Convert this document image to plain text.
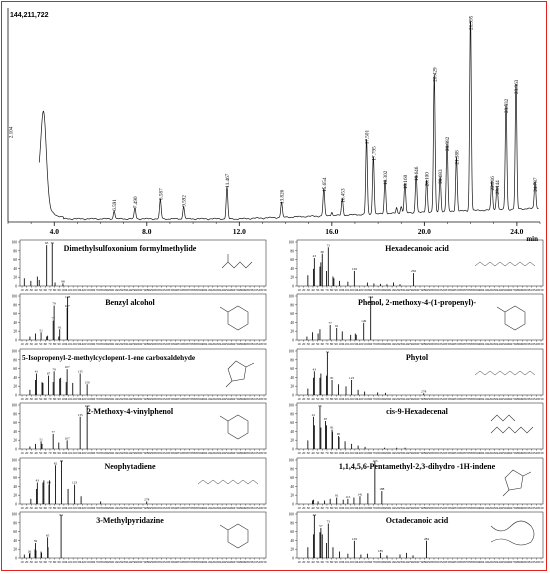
144,211,722
4.0	8.0	12.0	16.0	20.0	24.0
min
2.104
6.591	7.490
8.587
9.592
11.467
13.826
15.654
16.453
17.501
17.795
18.302	19.160
19.646 20.100
20.429
20.683
20.982
21.388
21.995
22.916 23.144
23.532
23.963
24.787
0
20
40
60
80
100
10 20 30 40 50 60 70 80 90 100 110 120 130 140 150 160 170 180 190 200 210 220 230 240 250 260 270 280 290 300 310 320 330 340 350 360 370 380 390 400 410 420 430 440 450 460 470 480 490 500 510 520 530
63 75
98
Dimethylsulfoxonium formylmethylide
0
20
40
60
80
100
10 20 30 40 50 60 70 80 90 100 110 120 130 140 150 160 170 180 190 200 210 220 230 240 250 260 270 280 290 300 310 320 330 340 350 360 370 380 390 400 410 420 430 440 450 460 470 480 490 500 510 520 530
43
60
73
129
256
Hexadecanoic acid
0
20
40
60
80
100
10 20 30 40 50 60 70 80 90 100 110 120 130 140 150 160 170 180 190 200 210 220 230 240 250 260 270 280 290 300 310 320 330 340 350 360 370 380 390 400 410 420 430 440 450 460 470 480 490 500 510 520 530
51
77
79
91
107
108
Benzyl alcohol
0
20
40
60
80
100
10 20 30 40 50 60 70 80 90 100 110 120 130 140 150 160 170 180 190 200 210 220 230 240 250 260 270 280 290 300 310 320 330 340 350 360 370 380 390 400 410 420 430 440 450 460 470 480 490 500 510 520 530
77
91
149
164
Phenol, 2-methoxy-4-(1-propenyl)-
0
20
40
60
80
100
10 20 30 40 50 60 70 80 90 100 110 120 130 140 150 160 170 180 190 200 210 220 230 240 250 260 270 280 290 300 310 320 330 340 350 360 370 380 390 400 410 420 430 440 450 460 470 480 490 500 510 520 530
41
67
79
107
135
150
5-Isopropenyl-2-methylcyclopent-1-ene carboxaldehyde
0
20
40
60
80
100
10 20 30 40 50 60 70 80 90 100 110 120 130 140 150 160 170 180 190 200 210 220 230 240 250 260 270 280 290 300 310 320 330 340 350 360 370 380 390 400 410 420 430 440 450 460 470 480 490 500 510 520 530
43
71
81	123
278
Phytol
0
20
40
60
80
100
10 20 30 40 50 60 70 80 90 100 110 120 130 140 150 160 170 180 190 200 210 220 230 240 250 260 270 280 290 300 310 320 330 340 350 360 370 380 390 400 410 420 430 440 450 460 470 480 490 500 510 520 530
51
77
107
135
150
2-Methoxy-4-vinylphenol
0
20
40
60
80
100
10 20 30 40 50 60 70 80 90 100 110 120 130 140 150 160 170 180 190 200 210 220 230 240 250 260 270 280 290 300 310 320 330 340 350 360 370 380 390 400 410 420 430 440 450 460 470 480 490 500 510 520 530
41
55
67
81
95
cis-9-Hexadecenal
0
20
40
60
80
100
10 20 30 40 50 60 70 80 90 100 110 120 130 140 150 160 170 180 190 200 210 220 230 240 250 260 270 280 290 300 310 320 330 340 350 360 370 380 390 400 410 420 430 440 450 460 470 480 490 500 510 520 530
43
68
82
95
123
278
Neophytadiene
0
20
40
60
80
100
10 20 30 40 50 60 70 80 90 100 110 120 130 140 150 160 170 180 190 200 210 220 230 240 250 260 270 280 290 300 310 320 330 340 350 360 370 380 390 400 410 420 430 440 450 460 470 480 490 500 510 520 530
91 115
141
173
188
1,1,4,5,6-Pentamethyl-2,3-dihydro -1H-indene
0
20
40
60
80
100
10 20 30 40 50 60 70 80 90 100 110 120 130 140 150 160 170 180 190 200 210 220 230 240 250 260 270 280 290 300 310 320 330 340 350 360 370 380 390 400 410 420 430 440 450 460 470 480 490 500 510 520 530
26
39
65
94
3-Methylpyridazine
0
20
40
60
80
100
10 20 30 40 50 60 70 80 90 100 110 120 130 140 150 160 170 180 190 200 210 220 230 240 250 260 270 280 290 300 310 320 330 340 350 360 370 380 390 400 410 420 430 440 450 460 470 480 490 500 510 520 530
43
57
73
129
185
284
Octadecanoic acid
